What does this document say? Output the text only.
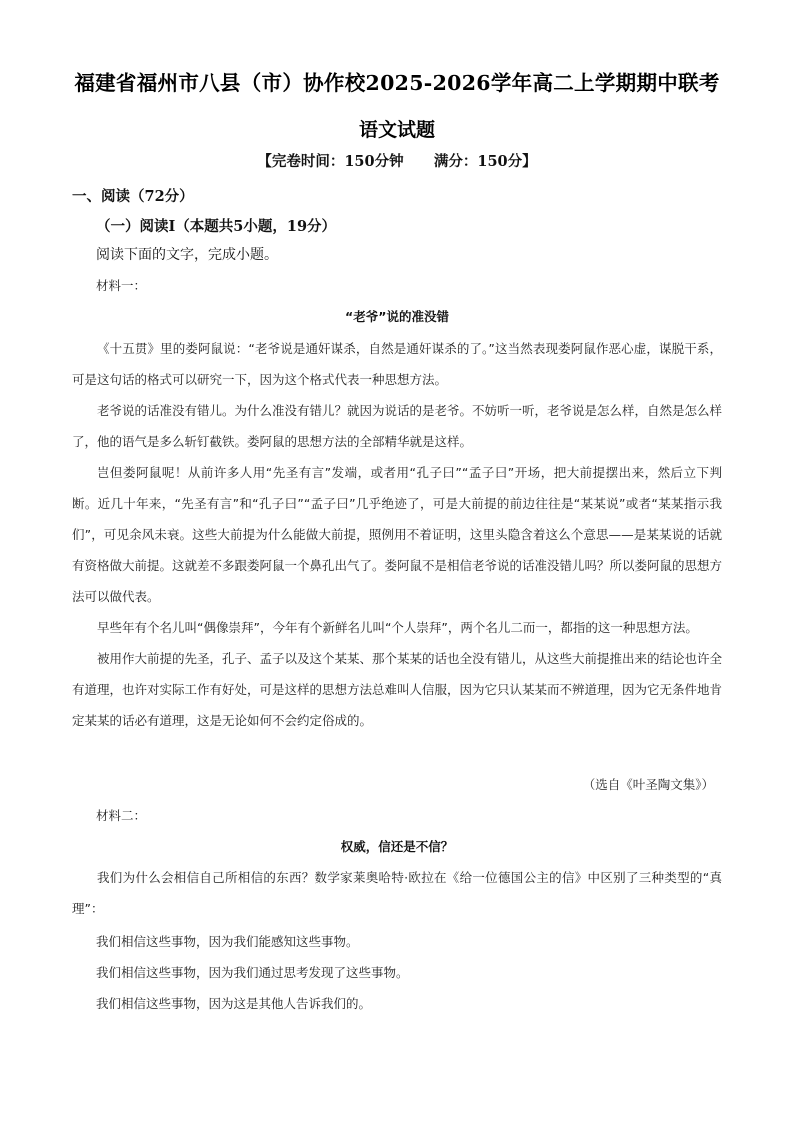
福建省福州市八县（市）协作校2025-2026学年高二上学期期中联考
语文试题
【完卷时间：150分钟      满分：150分】
一、阅读（72分）
（一）阅读Ⅰ（本题共5小题，19分）
阅读下面的文字，完成小题。
材料一：
“老爷”说的准没错

《十五贯》里的娄阿鼠说：“老爷说是通奸谋杀，自然是通奸谋杀的了。”这当然表现娄阿鼠作恶心虚，谋脱干系，可是这句话的格式可以研究一下，因为这个格式代表一种思想方法。

老爷说的话准没有错儿。为什么准没有错儿？就因为说话的是老爷。不妨听一听，老爷说是怎么样，自然是怎么样了，他的语气是多么斩钉截铁。娄阿鼠的思想方法的全部精华就是这样。

岂但娄阿鼠呢！从前许多人用“先圣有言”发端，或者用“孔子曰”“孟子曰”开场，把大前提摆出来，然后立下判断。近几十年来，“先圣有言”和“孔子曰”“孟子曰”几乎绝迹了，可是大前提的前边往往是“某某说”或者“某某指示我们”，可见余风未衰。这些大前提为什么能做大前提，照例用不着证明，这里头隐含着这么个意思——是某某说的话就有资格做大前提。这就差不多跟娄阿鼠一个鼻孔出气了。娄阿鼠不是相信老爷说的话准没错儿吗？所以娄阿鼠的思想方法可以做代表。

早些年有个名儿叫“偶像崇拜”，今年有个新鲜名儿叫“个人崇拜”，两个名儿二而一，都指的这一种思想方法。

被用作大前提的先圣，孔子、孟子以及这个某某、那个某某的话也全没有错儿，从这些大前提推出来的结论也许全有道理，也许对实际工作有好处，可是这样的思想方法总难叫人信服，因为它只认某某而不辨道理，因为它无条件地肯定某某的话必有道理，这是无论如何不会约定俗成的。

（选自《叶圣陶文集》）
材料二：
权威，信还是不信？

我们为什么会相信自己所相信的东西？数学家莱奥哈特·欧拉在《给一位德国公主的信》中区别了三种类型的“真理”：

我们相信这些事物，因为我们能感知这些事物。
我们相信这些事物，因为我们通过思考发现了这些事物。
我们相信这些事物，因为这是其他人告诉我们的。
